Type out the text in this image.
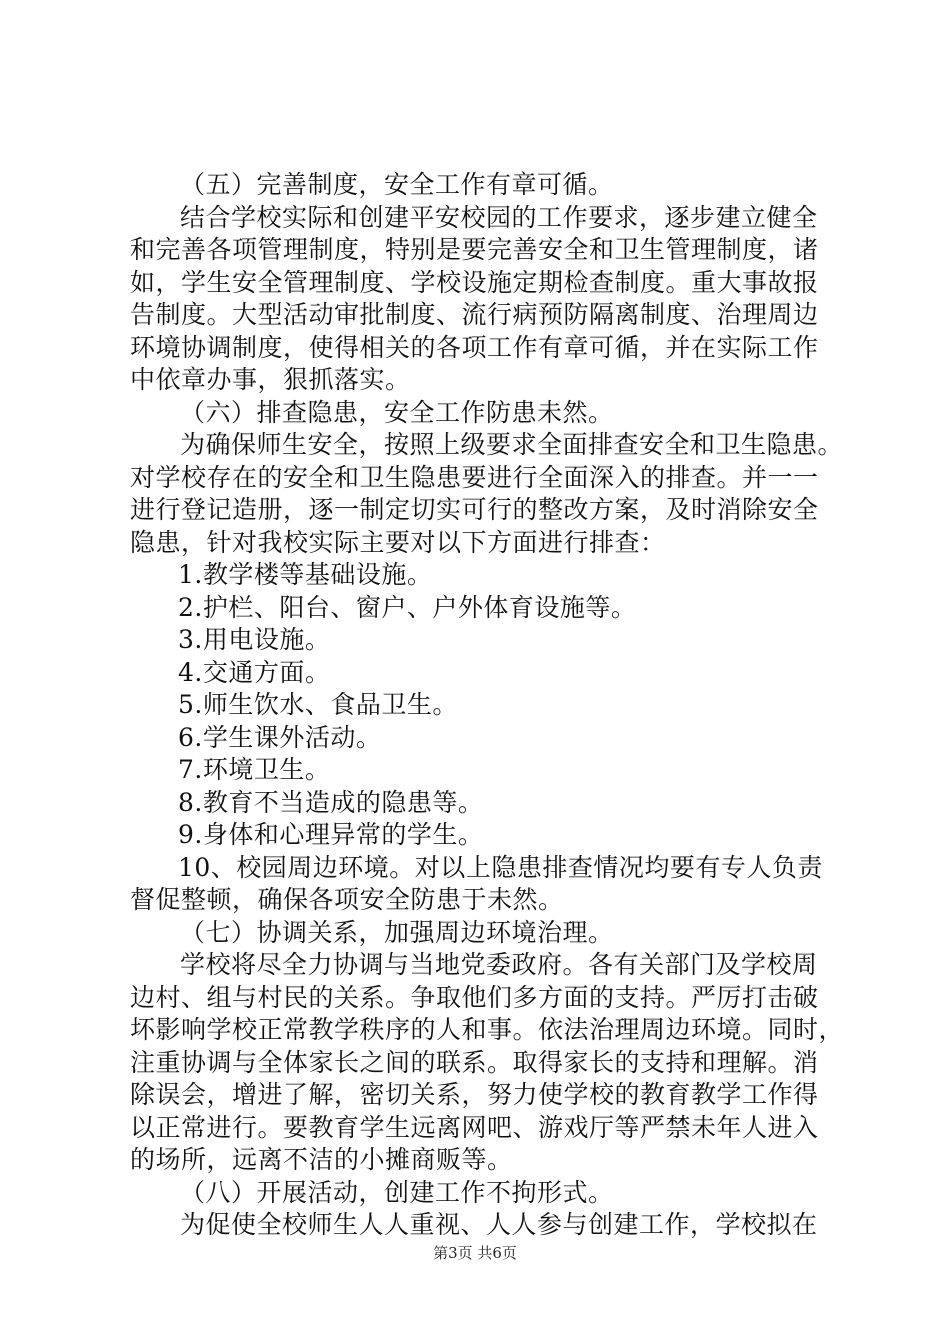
（五）完善制度，安全工作有章可循。
结合学校实际和创建平安校园的工作要求，逐步建立健全
和完善各项管理制度，特别是要完善安全和卫生管理制度，诸
如，学生安全管理制度、学校设施定期检查制度。重大事故报
告制度。大型活动审批制度、流行病预防隔离制度、治理周边
环境协调制度，使得相关的各项工作有章可循，并在实际工作
中依章办事，狠抓落实。
（六）排查隐患，安全工作防患未然。
为确保师生安全，按照上级要求全面排查安全和卫生隐患。
对学校存在的安全和卫生隐患要进行全面深入的排查。并一一
进行登记造册，逐一制定切实可行的整改方案，及时消除安全
隐患，针对我校实际主要对以下方面进行排查：
1.教学楼等基础设施。
2.护栏、阳台、窗户、户外体育设施等。
3.用电设施。
4.交通方面。
5.师生饮水、食品卫生。
6.学生课外活动。
7.环境卫生。
8.教育不当造成的隐患等。
9.身体和心理异常的学生。
10、校园周边环境。对以上隐患排查情况均要有专人负责
督促整顿，确保各项安全防患于未然。
（七）协调关系，加强周边环境治理。
学校将尽全力协调与当地党委政府。各有关部门及学校周
边村、组与村民的关系。争取他们多方面的支持。严厉打击破
坏影响学校正常教学秩序的人和事。依法治理周边环境。同时，
注重协调与全体家长之间的联系。取得家长的支持和理解。消
除误会，增进了解，密切关系，努力使学校的教育教学工作得
以正常进行。要教育学生远离网吧、游戏厅等严禁未年人进入
的场所，远离不洁的小摊商贩等。
（八）开展活动，创建工作不拘形式。
为促使全校师生人人重视、人人参与创建工作，学校拟在
第3页 共6页
